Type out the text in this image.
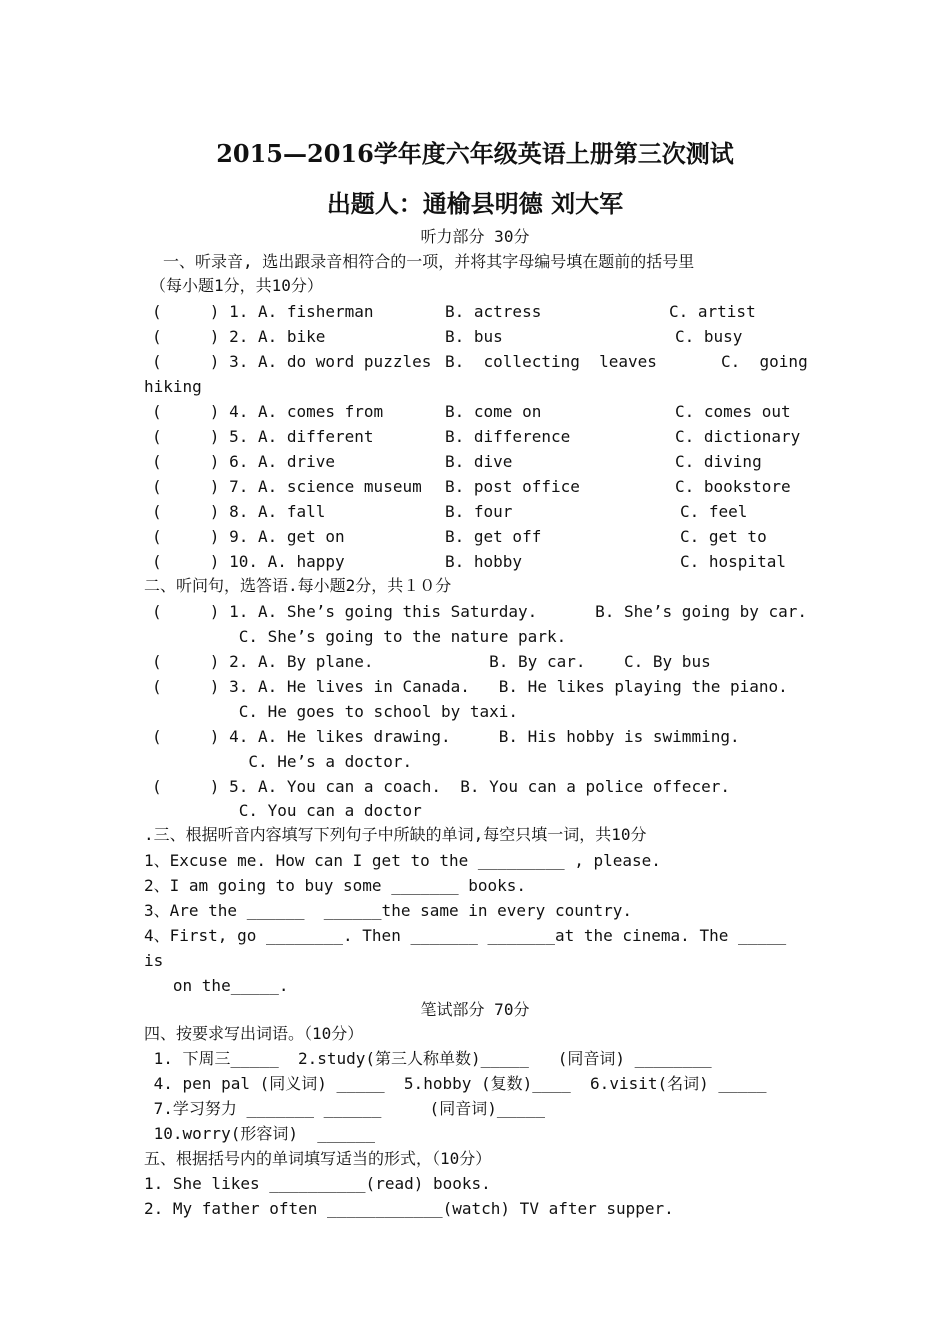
2015—2016学年度六年级英语上册第三次测试
出题人：通榆县明德 刘大军
听力部分 30分
一、听录音, 选出跟录音相符合的一项，并将其字母编号填在题前的括号里
（每小题1分，共10分）
(     ) 1. A. fisherman	B. actress	C. artist
(     ) 2. A. bike	B. bus	C. busy
(     ) 3. A. do word puzzles B.  collecting  leaves	C.  going
hiking
(     ) 4. A. comes from	B. come on	C. comes out
(     ) 5. A. different	B. difference	C. dictionary
(     ) 6. A. drive	B. dive	C. diving
(     ) 7. A. science museum B. post office	C. bookstore
(     ) 8. A. fall	B. four	C. feel
(     ) 9. A. get on	B. get off	C. get to
(     ) 10. A. happy	B. hobby	C. hospital
二、听问句，选答语.每小题2分，共１０分
(     ) 1. A. She’s going this Saturday.      B. She’s going by car.
C. She’s going to the nature park.
(     ) 2. A. By plane.            B. By car.    C. By bus
(     ) 3. A. He lives in Canada.   B. He likes playing the piano.
C. He goes to school by taxi.
(     ) 4. A. He likes drawing.     B. His hobby is swimming.
C. He’s a doctor.
(     ) 5. A. You can a coach.  B. You can a police offecer.
C. You can a doctor
.三、根据听音内容填写下列句子中所缺的单词,每空只填一词，共10分
1、Excuse me. How can I get to the _________ , please.
2、I am going to buy some _______ books.
3、Are the ______  ______the same in every country.
4、First, go ________. Then _______ _______at the cinema. The _____
is
on the_____.
笔试部分 70分
四、按要求写出词语。（10分）
1. 下周三_____  2.study(第三人称单数)_____   (同音词) ________
4. pen pal (同义词) _____  5.hobby (复数)____  6.visit(名词) _____
7.学习努力 _______ ______     (同音词)_____
10.worry(形容词)  ______
五、根据括号内的单词填写适当的形式，（10分）
1. She likes __________(read) books.
2. My father often ____________(watch) TV after supper.
